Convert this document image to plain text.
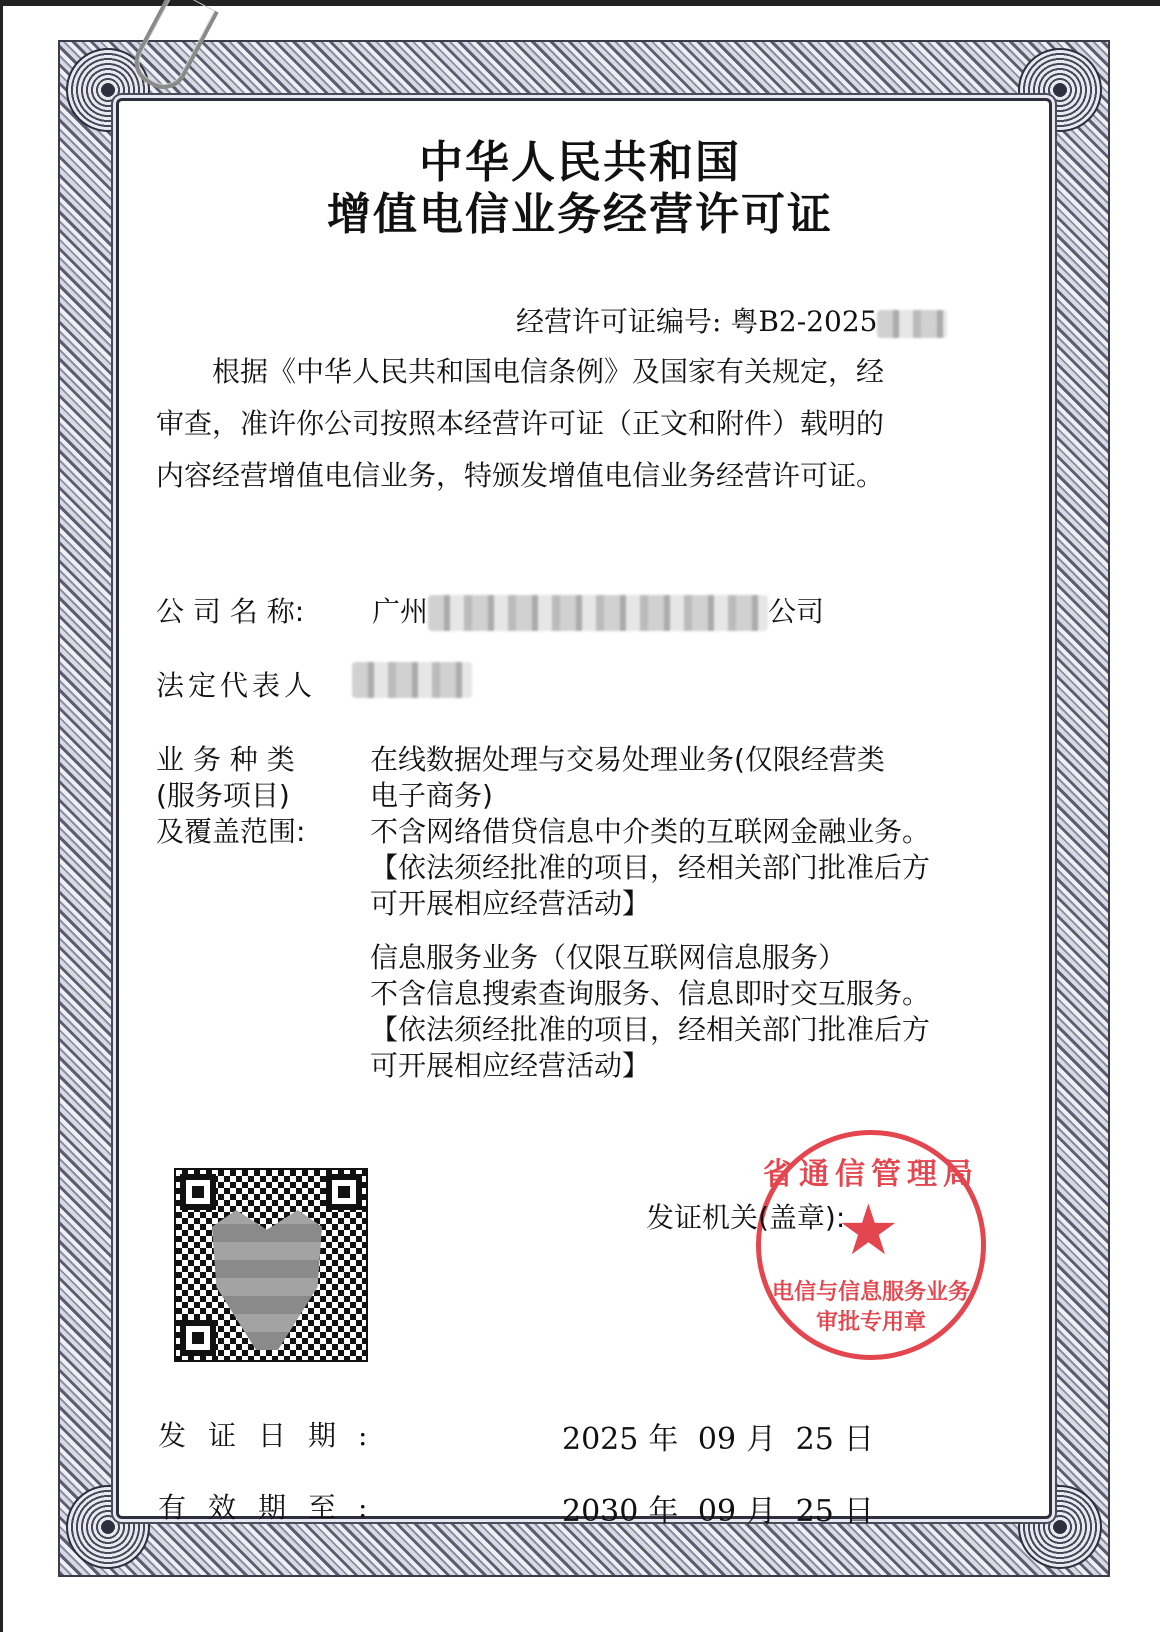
中华人民共和国
增值电信业务经营许可证
经营许可证编号: 粤B2-2025

根据《中华人民共和国电信条例》及国家有关规定，经

审查，准许你公司按照本经营许可证（正文和附件）载明的

内容经营增值电信业务，特颁发增值电信业务经营许可证。

公 司 名 称: 广州	公司
法定代表人
业 务 种 类
(服务项目)
及覆盖范围:

在线数据处理与交易处理业务(仅限经营类

电子商务)

不含网络借贷信息中介类的互联网金融业务。

【依法须经批准的项目，经相关部门批准后方

可开展相应经营活动】

信息服务业务（仅限互联网信息服务）

不含信息搜索查询服务、信息即时交互服务。

【依法须经批准的项目，经相关部门批准后方

可开展相应经营活动】

省通信管理局
★
电信与信息服务业务
审批专用章
发证机关(盖章):
发证日期:	2025 年 09 月 25 日
有效期至:	2030 年 09 月 25 日
